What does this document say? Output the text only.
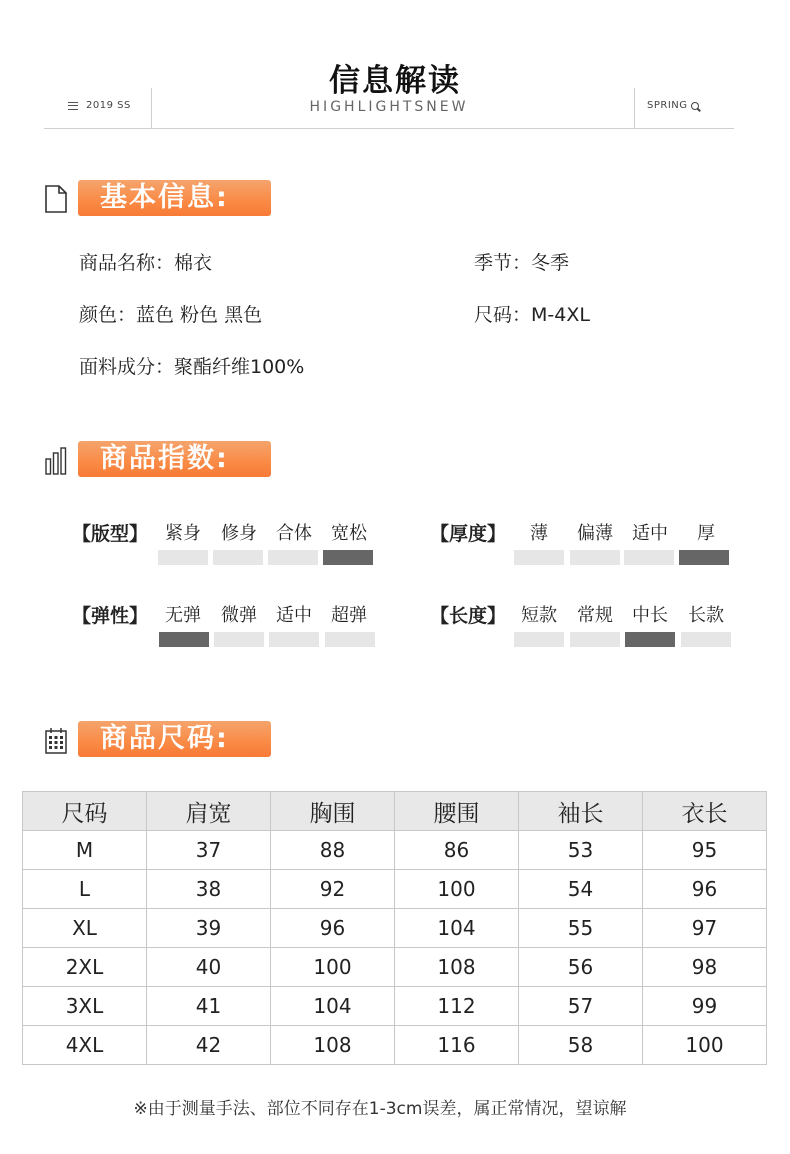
信息解读
2019 SS	HIGHLIGHTSNEW	SPRING
基本信息:
商品名称：棉衣	季节：冬季
颜色：蓝色 粉色 黑色	尺码：M-4XL
面料成分：聚酯纤维100%
商品指数:
【版型】 紧身	修身	合体	宽松	【厚度】	薄	偏薄	适中	厚
【弹性】 无弹	微弹	适中	超弹	【长度】 短款	常规	中长	长款
商品尺码:
尺码	肩宽	胸围	腰围	袖长	衣长
M	37	88	86	53	95
L	38	92	100	54	96
XL	39	96	104	55	97
2XL	40	100	108	56	98
3XL	41	104	112	57	99
4XL	42	108	116	58	100
※由于测量手法、部位不同存在1-3cm误差，属正常情况，望谅解
